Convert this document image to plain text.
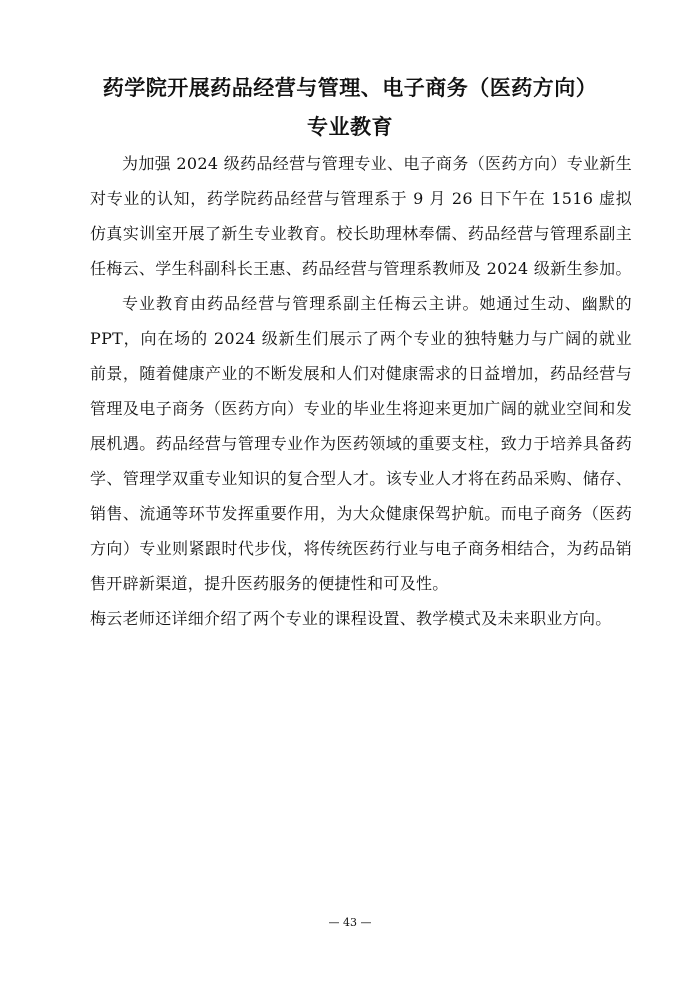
药学院开展药品经营与管理、电子商务（医药方向）
专业教育

为加强 2024 级药品经营与管理专业、电子商务（医药方向）专业新生对专业的认知，药学院药品经营与管理系于 9 月 26 日下午在 1516 虚拟仿真实训室开展了新生专业教育。校长助理林奉儒、药品经营与管理系副主任梅云、学生科副科长王惠、药品经营与管理系教师及 2024 级新生参加。

专业教育由药品经营与管理系副主任梅云主讲。她通过生动、幽默的 PPT，向在场的 2024 级新生们展示了两个专业的独特魅力与广阔的就业前景，随着健康产业的不断发展和人们对健康需求的日益增加，药品经营与管理及电子商务（医药方向）专业的毕业生将迎来更加广阔的就业空间和发展机遇。药品经营与管理专业作为医药领域的重要支柱，致力于培养具备药学、管理学双重专业知识的复合型人才。该专业人才将在药品采购、储存、销售、流通等环节发挥重要作用，为大众健康保驾护航。而电子商务（医药方向）专业则紧跟时代步伐，将传统医药行业与电子商务相结合，为药品销售开辟新渠道，提升医药服务的便捷性和可及性。

梅云老师还详细介绍了两个专业的课程设置、教学模式及未来职业方向。

— 43 —
